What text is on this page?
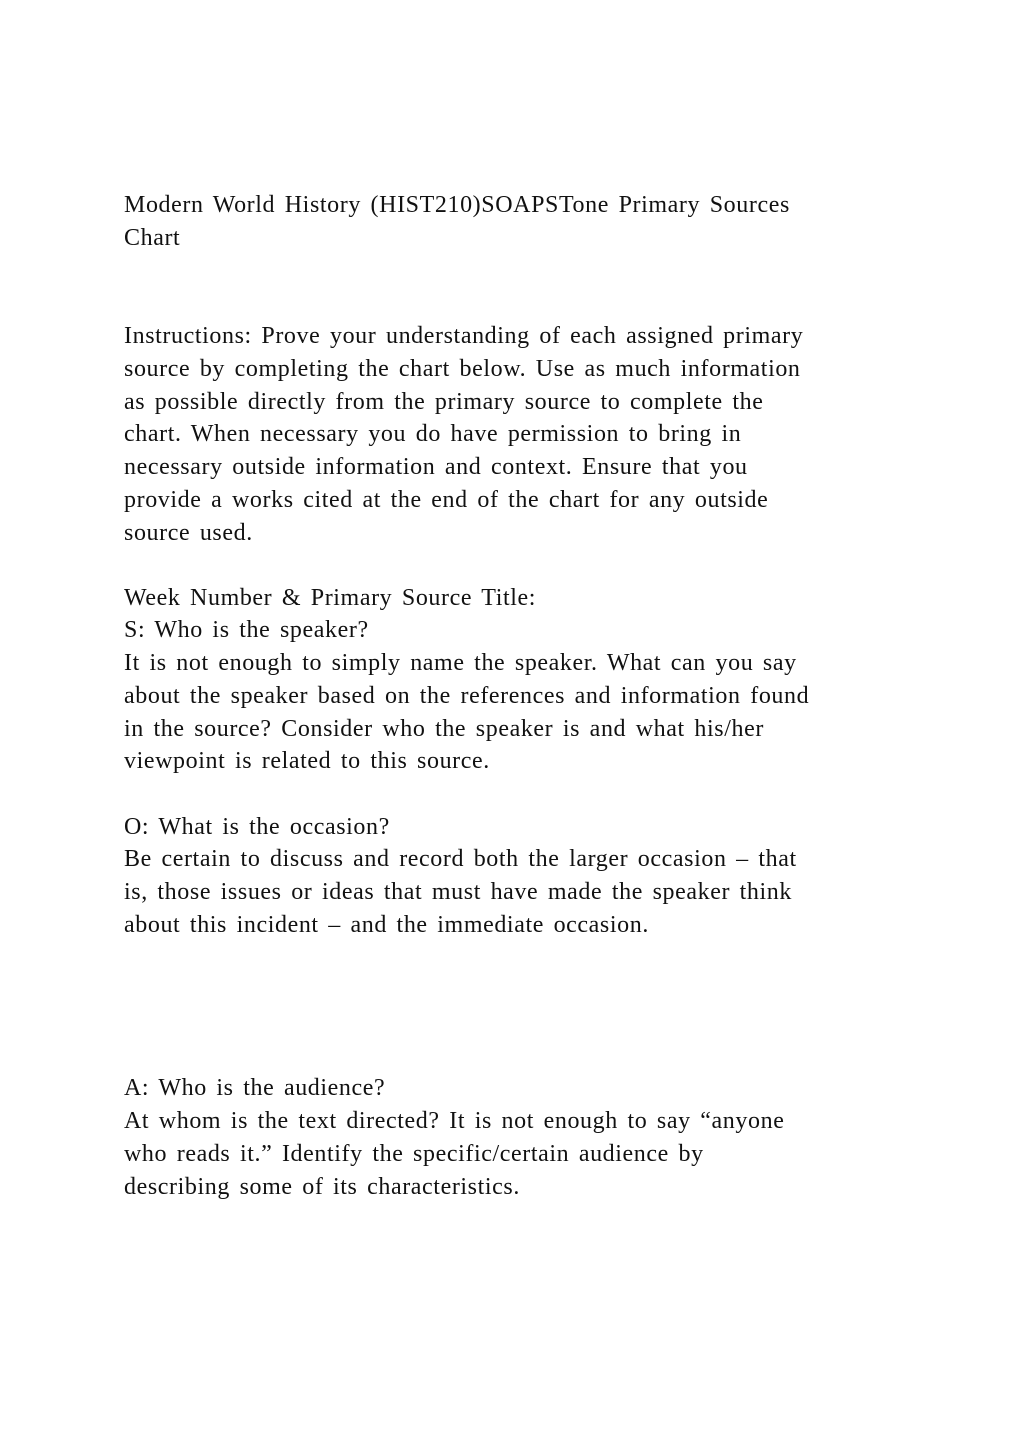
Modern World History (HIST210)SOAPSTone Primary Sources

Chart

Instructions: Prove your understanding of each assigned primary

source by completing the chart below. Use as much information

as possible directly from the primary source to complete the

chart. When necessary you do have permission to bring in

necessary outside information and context. Ensure that you

provide a works cited at the end of the chart for any outside

source used.

Week Number & Primary Source Title:

S: Who is the speaker?

It is not enough to simply name the speaker. What can you say

about the speaker based on the references and information found

in the source? Consider who the speaker is and what his/her

viewpoint is related to this source.

O: What is the occasion?

Be certain to discuss and record both the larger occasion – that

is, those issues or ideas that must have made the speaker think

about this incident – and the immediate occasion.

A: Who is the audience?

At whom is the text directed? It is not enough to say “anyone

who reads it.” Identify the specific/certain audience by

describing some of its characteristics.
